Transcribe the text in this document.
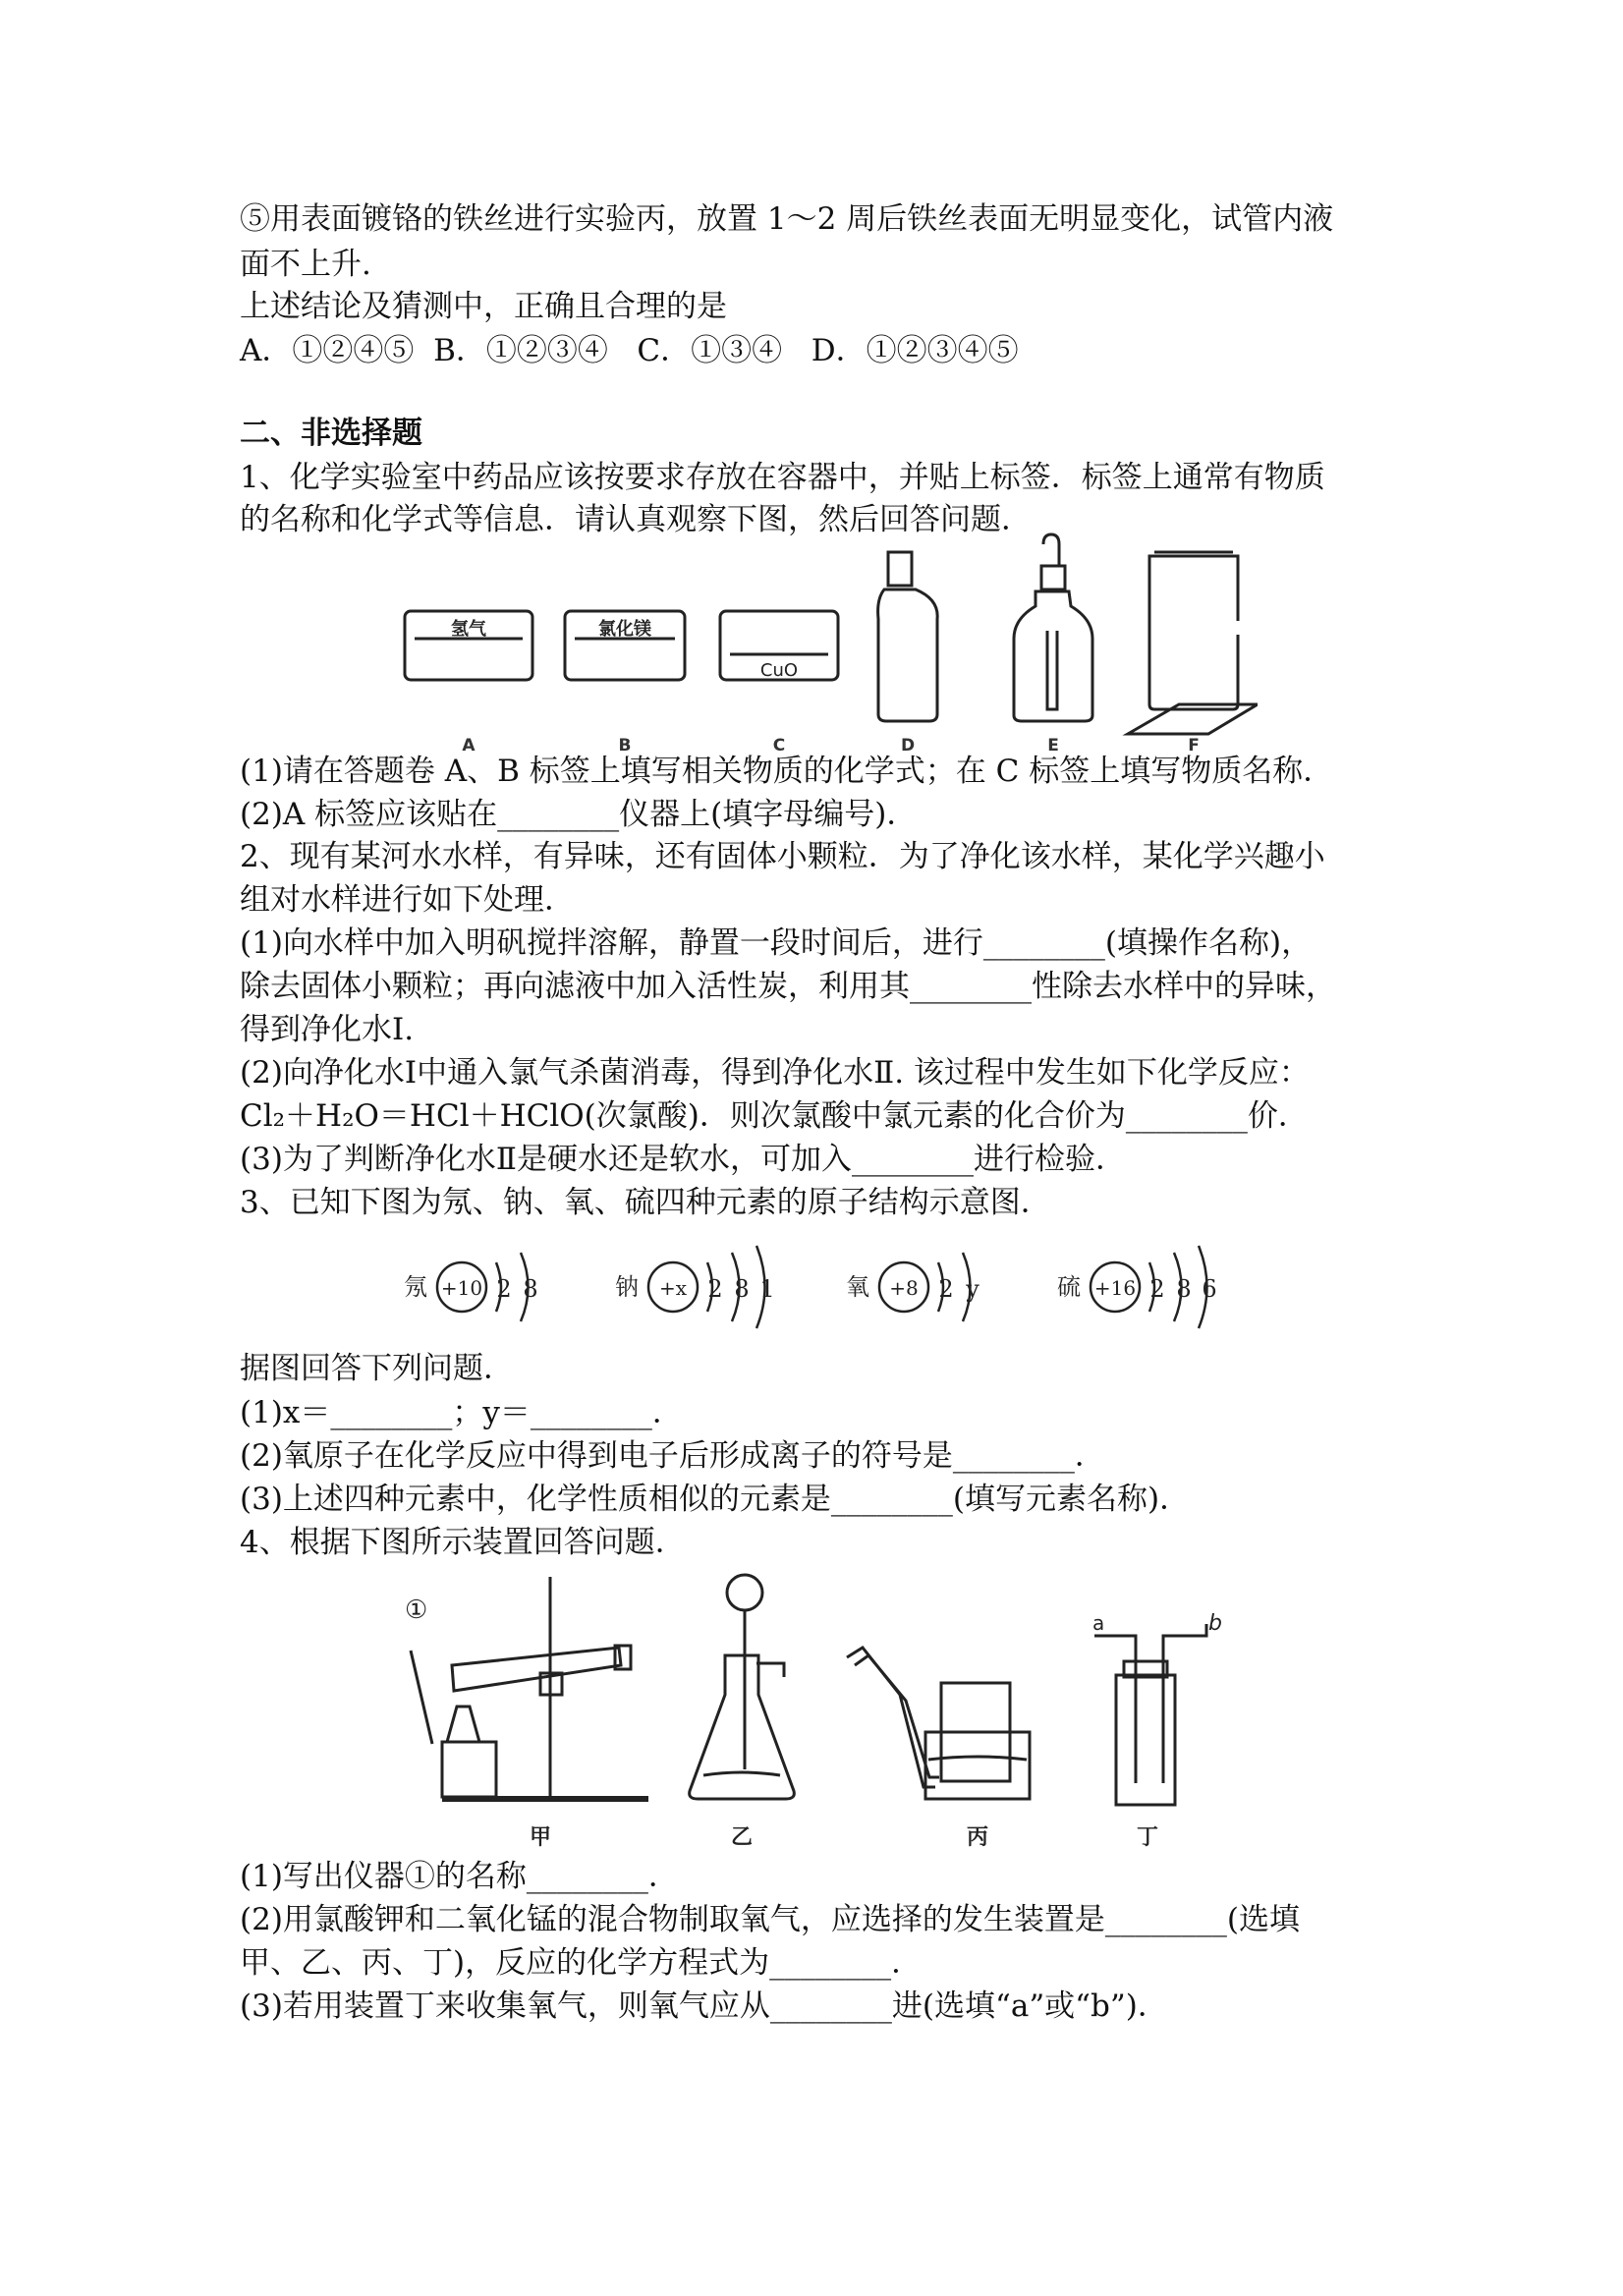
⑤用表面镀铬的铁丝进行实验丙，放置 1～2 周后铁丝表面无明显变化，试管内液
面不上升.
上述结论及猜测中，正确且合理的是
A．①②④⑤  B．①②③④   C．①③④   D．①②③④⑤
二、非选择题
1、化学实验室中药品应该按要求存放在容器中，并贴上标签．标签上通常有物质
的名称和化学式等信息．请认真观察下图，然后回答问题．
氢气	氯化镁
CuO
A	B	C	D	E	F
(1)请在答题卷 A、B 标签上填写相关物质的化学式；在 C 标签上填写物质名称．
(2)A 标签应该贴在________仪器上(填字母编号)．
2、现有某河水水样，有异味，还有固体小颗粒．为了净化该水样，某化学兴趣小
组对水样进行如下处理．
(1)向水样中加入明矾搅拌溶解，静置一段时间后，进行________(填操作名称)，
除去固体小颗粒；再向滤液中加入活性炭，利用其________性除去水样中的异味，
得到净化水Ⅰ.
(2)向净化水Ⅰ中通入氯气杀菌消毒，得到净化水Ⅱ. 该过程中发生如下化学反应：
Cl₂＋H₂O＝HCl＋HClO(次氯酸)．则次氯酸中氯元素的化合价为________价．
(3)为了判断净化水Ⅱ是硬水还是软水，可加入________进行检验．
3、已知下图为氖、钠、氧、硫四种元素的原子结构示意图．
氖 +10 2 8	钠 +x 2 8 1	氧 +8 2 y	硫 +16 2 8 6
据图回答下列问题．
(1)x＝________；y＝________．
(2)氧原子在化学反应中得到电子后形成离子的符号是________．
(3)上述四种元素中，化学性质相似的元素是________(填写元素名称)．
4、根据下图所示装置回答问题．
①	a	b
甲	乙	丙	丁
(1)写出仪器①的名称________．
(2)用氯酸钾和二氧化锰的混合物制取氧气，应选择的发生装置是________(选填
甲、乙、丙、丁)，反应的化学方程式为________．
(3)若用装置丁来收集氧气，则氧气应从________进(选填“a”或“b”)．
